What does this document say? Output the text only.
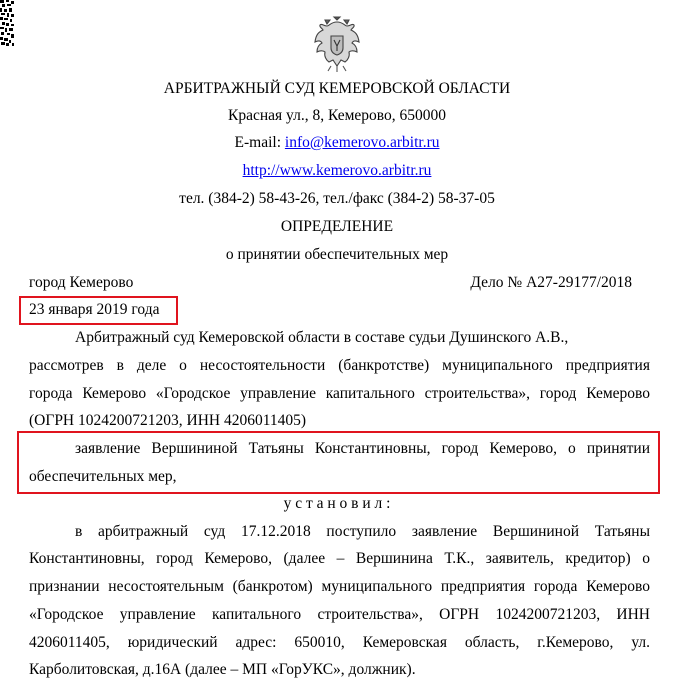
АРБИТРАЖНЫЙ СУД КЕМЕРОВСКОЙ ОБЛАСТИ
Красная ул., 8, Кемерово, 650000
E-mail: info@kemerovo.arbitr.ru
http://www.kemerovo.arbitr.ru
тел. (384-2) 58-43-26, тел./факс (384-2) 58-37-05
ОПРЕДЕЛЕНИЕ
о принятии обеспечительных мер
город Кемерово	Дело № А27-29177/2018
23 января 2019 года
Арбитражный суд Кемеровской области в составе судьи Душинского А.В.,
рассмотрев в деле о несостоятельности (банкротстве) муниципального предприятия
города Кемерово «Городское управление капитального строительства», город Кемерово
(ОГРН 1024200721203, ИНН 4206011405)
заявление Вершининой Татьяны Константиновны, город Кемерово, о принятии
обеспечительных мер,
у с т а н о в и л :
в арбитражный суд 17.12.2018 поступило заявление Вершининой Татьяны
Константиновны, город Кемерово, (далее – Вершинина Т.К., заявитель, кредитор) о
признании несостоятельным (банкротом) муниципального предприятия города Кемерово
«Городское управление капитального строительства», ОГРН 1024200721203, ИНН
4206011405, юридический адрес: 650010, Кемеровская область, г.Кемерово, ул.
Карболитовская, д.16А (далее – МП «ГорУКС», должник).
